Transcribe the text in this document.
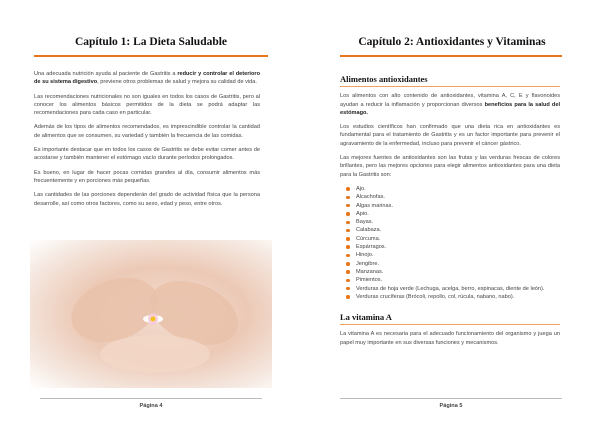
Capítulo 1: La Dieta Saludable

Una adecuada nutrición ayuda al paciente de Gastritis a reducir y controlar el deterioro de su sistema digestivo, previene otros problemas de salud y mejora su calidad de vida.

Las recomendaciones nutricionales no son iguales en todos los casos de Gastritis, pero al conocer los alimentos básicos permitidos de la dieta se podrá adaptar las recomendaciones para cada caso en particular.

Además de los tipos de alimentos recomendados, es imprescindible controlar la cantidad de alimentos que se consumen, su variedad y también la frecuencia de las comidas.

Es importante destacar que en todos los casos de Gastritis se debe evitar comer antes de acostarse y también mantener el estómago vacío durante períodos prolongados.

Es bueno, en lugar de hacer pocas comidas grandes al día, consumir alimentos más frecuentemente y en porciones más pequeñas.

Las cantidades de las porciones dependerán del grado de actividad física que la persona desarrolle, así como otros factores, como su sexo, edad y peso, entre otros.

Página 4
Capítulo 2: Antioxidantes y Vitaminas
Alimentos antioxidantes

Los alimentos con alto contenido de antioxidantes, vitamina A, C, E y flavonoides ayudan a reducir la inflamación y proporcionan diversos beneficios para la salud del estómago.

Los estudios científicos han confirmado que una dieta rica en antioxidantes es fundamental para el tratamiento de Gastritis y es un factor importante para prevenir el agravamiento de la enfermedad, incluso para prevenir el cáncer gástrico.

Las mejores fuentes de antioxidantes son las frutas y las verduras frescas de colores brillantes, pero las mejores opciones para elegir alimentos antioxidantes para una dieta para la Gastritis son:

Ajo.
Alcachofas.
Algas marinas.
Apio.
Bayas.
Calabaza.
Cúrcuma.
Espárragos.
Hinojo.
Jengibre.
Manzanas.
Pimientos.
Verduras de hoja verde (Lechuga, acelga, berro, espinacas, diente de león).
Verduras crucíferas (Brócoli, repollo, col, rúcula, nabano, nabo).
La vitamina A

La vitamina A es necesaria para el adecuado funcionamiento del organismo y juega un papel muy importante en sus diversas funciones y mecanismos.

Página 5
